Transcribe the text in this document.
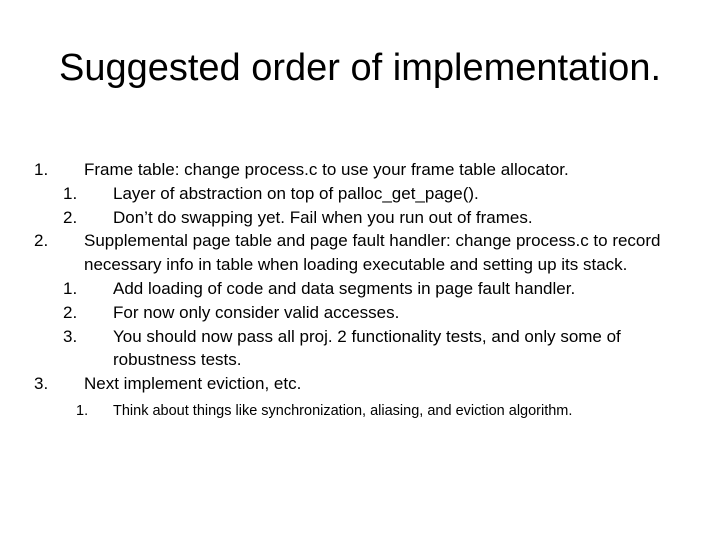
Suggested order of implementation.
1. Frame table: change process.c to use your frame table allocator.
1. Layer of abstraction on top of palloc_get_page().
2. Don’t do swapping yet. Fail when you run out of frames.
2. Supplemental page table and page fault handler: change process.c to record necessary info in table when loading executable and setting up its stack.
1. Add loading of code and data segments in page fault handler.
2. For now only consider valid accesses.
3. You should now pass all proj. 2 functionality tests, and only some of robustness tests.
3. Next implement eviction, etc.
1. Think about things like synchronization, aliasing, and eviction algorithm.
